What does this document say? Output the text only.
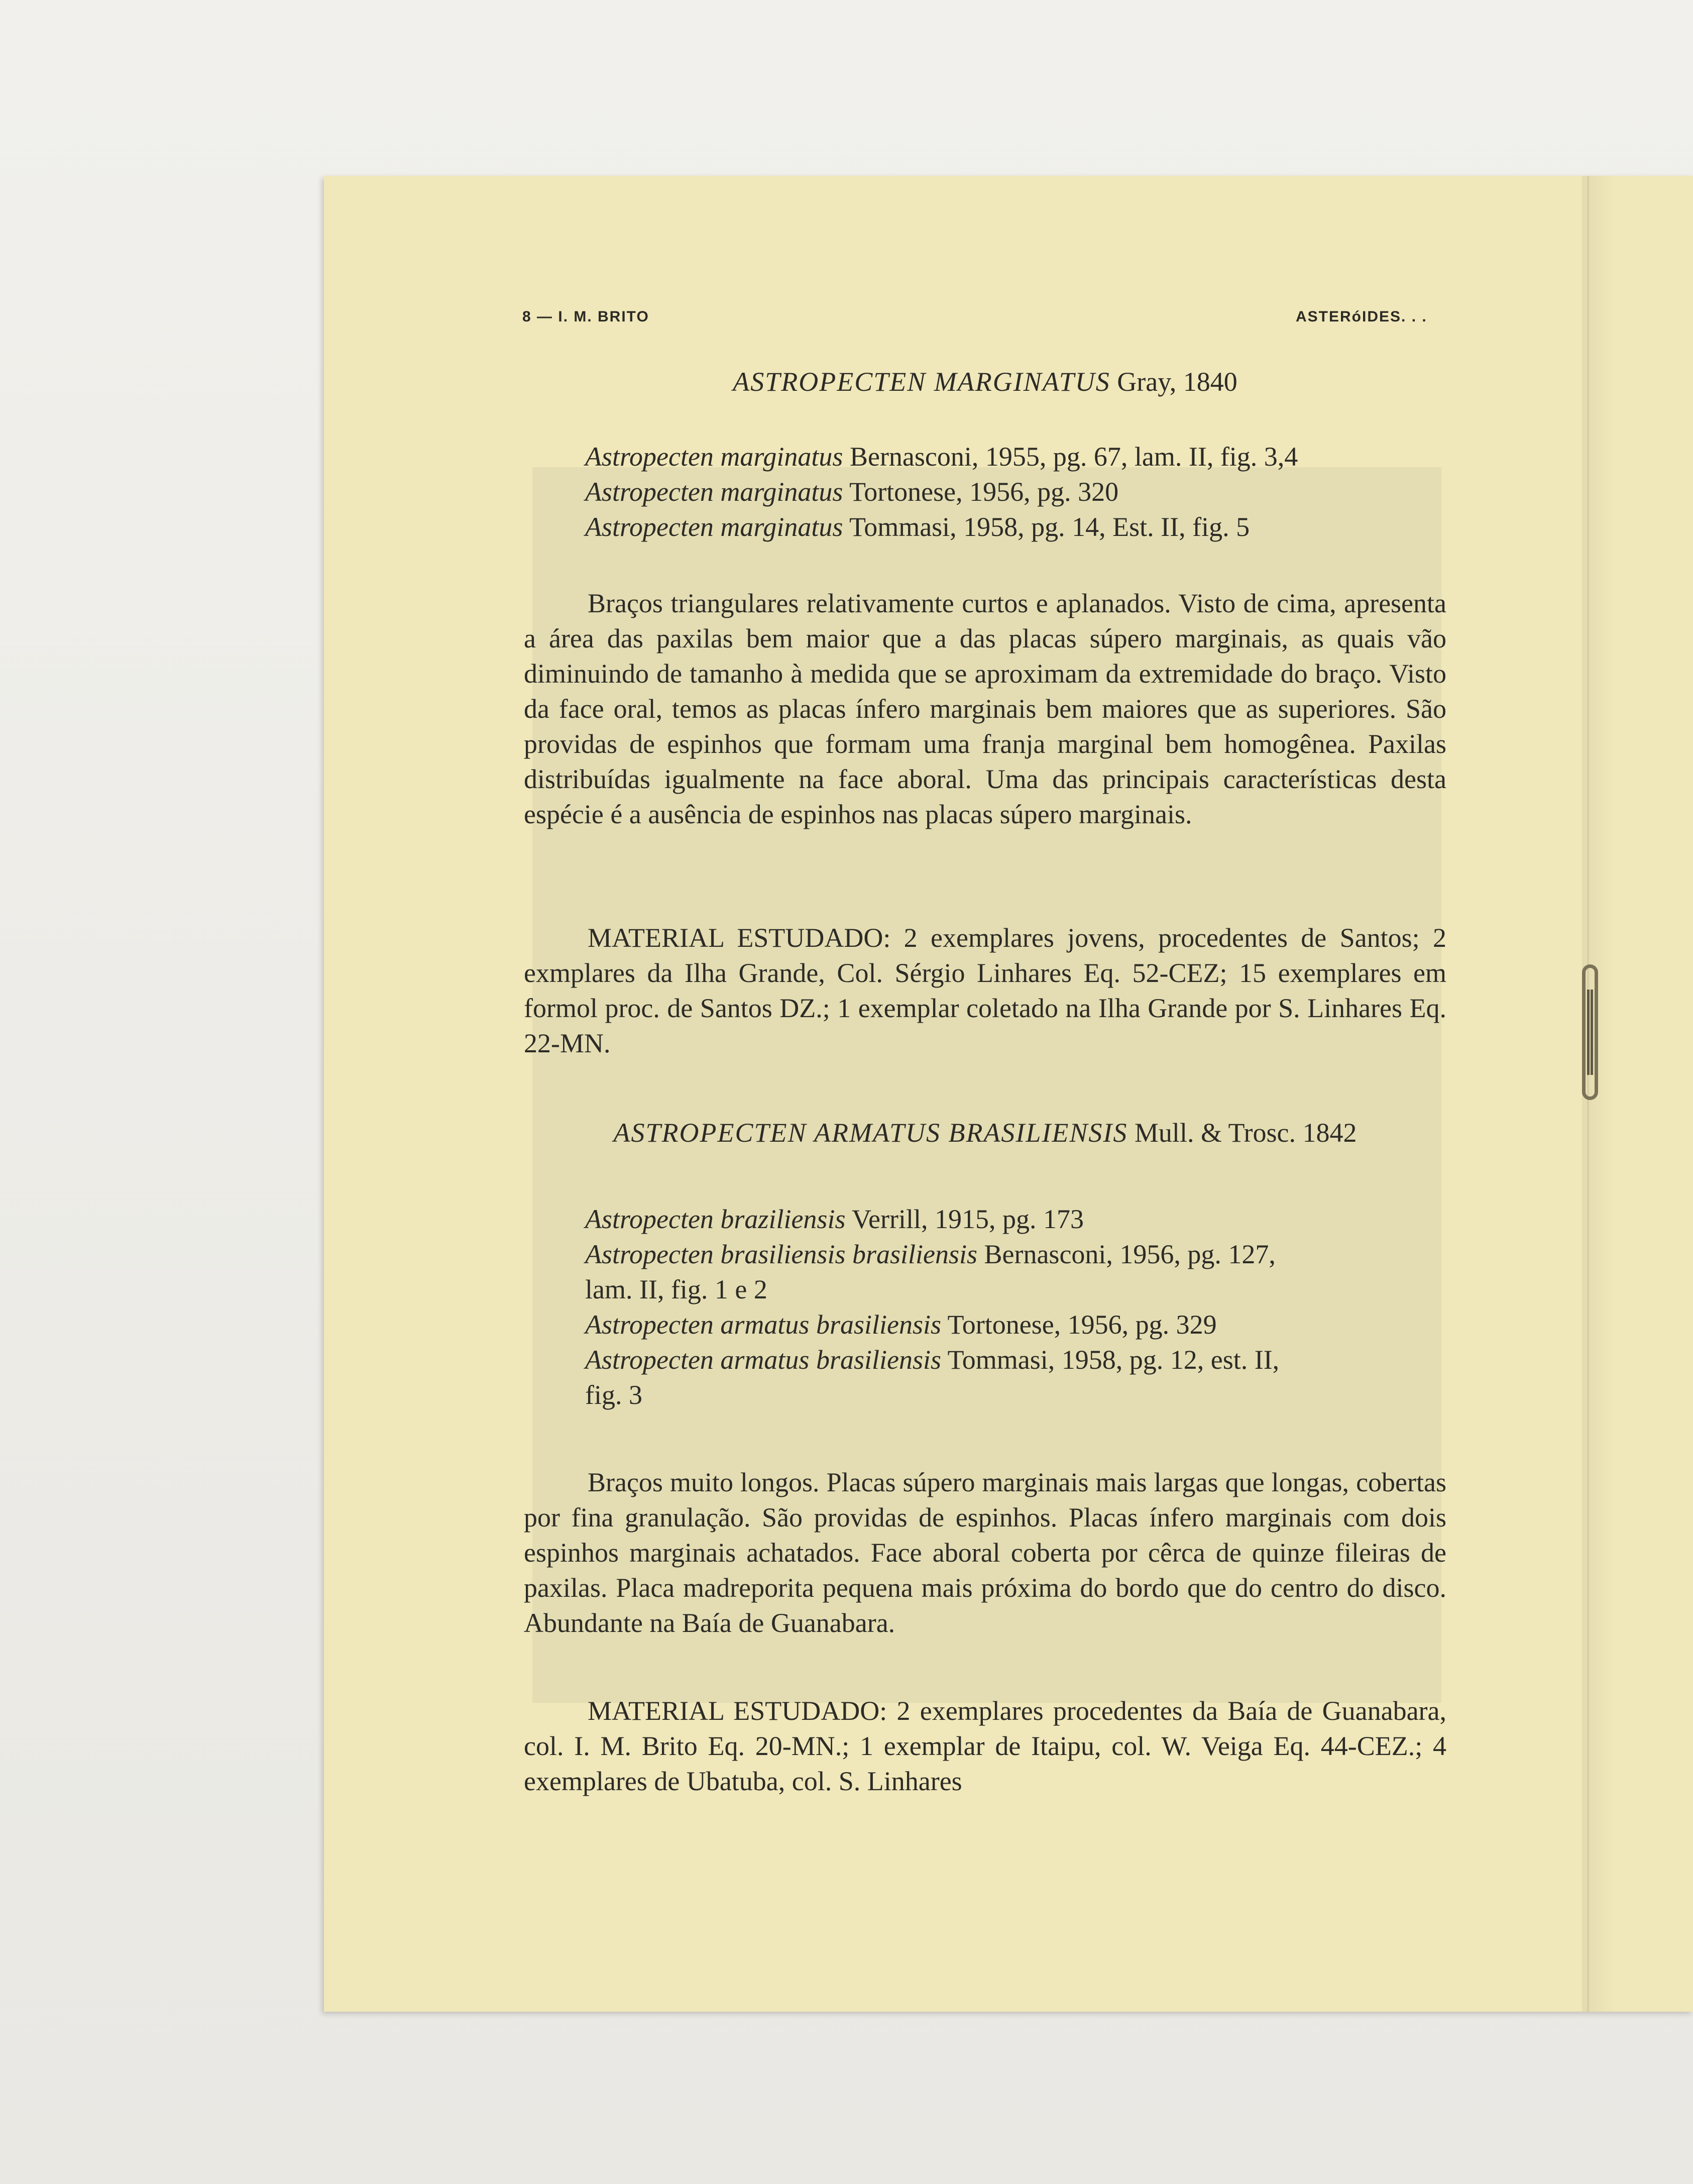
8 — I. M. BRITO	ASTERóIDES. . .
ASTROPECTEN MARGINATUS Gray, 1840
Astropecten marginatus Bernasconi, 1955, pg. 67, lam. II, fig. 3,4
Astropecten marginatus Tortonese, 1956, pg. 320
Astropecten marginatus Tommasi, 1958, pg. 14, Est. II, fig. 5

Braços triangulares relativamente curtos e aplanados. Visto de cima, apresenta a área das paxilas bem maior que a das placas súpero marginais, as quais vão diminuindo de tamanho à medida que se aproximam da extremidade do braço. Visto da face oral, temos as placas ínfero marginais bem maiores que as superiores. São providas de espinhos que formam uma franja marginal bem homogênea. Paxilas distribuídas igualmente na face aboral. Uma das principais características desta espécie é a ausência de espinhos nas placas súpero marginais.

MATERIAL ESTUDADO: 2 exemplares jovens, procedentes de Santos; 2 exmplares da Ilha Grande, Col. Sérgio Linhares Eq. 52-CEZ; 15 exemplares em formol proc. de Santos DZ.; 1 exemplar coletado na Ilha Grande por S. Linhares Eq. 22-MN.

ASTROPECTEN ARMATUS BRASILIENSIS Mull. & Trosc. 1842
Astropecten braziliensis Verrill, 1915, pg. 173
Astropecten brasiliensis brasiliensis Bernasconi, 1956, pg. 127,
lam. II, fig. 1 e 2
Astropecten armatus brasiliensis Tortonese, 1956, pg. 329
Astropecten armatus brasiliensis Tommasi, 1958, pg. 12, est. II,
fig. 3

Braços muito longos. Placas súpero marginais mais largas que longas, cobertas por fina granulação. São providas de espinhos. Placas ínfero marginais com dois espinhos marginais achatados. Face aboral coberta por cêrca de quinze fileiras de paxilas. Placa madreporita pequena mais próxima do bordo que do centro do disco. Abundante na Baía de Guanabara.

MATERIAL ESTUDADO: 2 exemplares procedentes da Baía de Guanabara, col. I. M. Brito Eq. 20-MN.; 1 exemplar de Itaipu, col. W. Veiga Eq. 44-CEZ.; 4 exemplares de Ubatuba, col. S. Linhares
